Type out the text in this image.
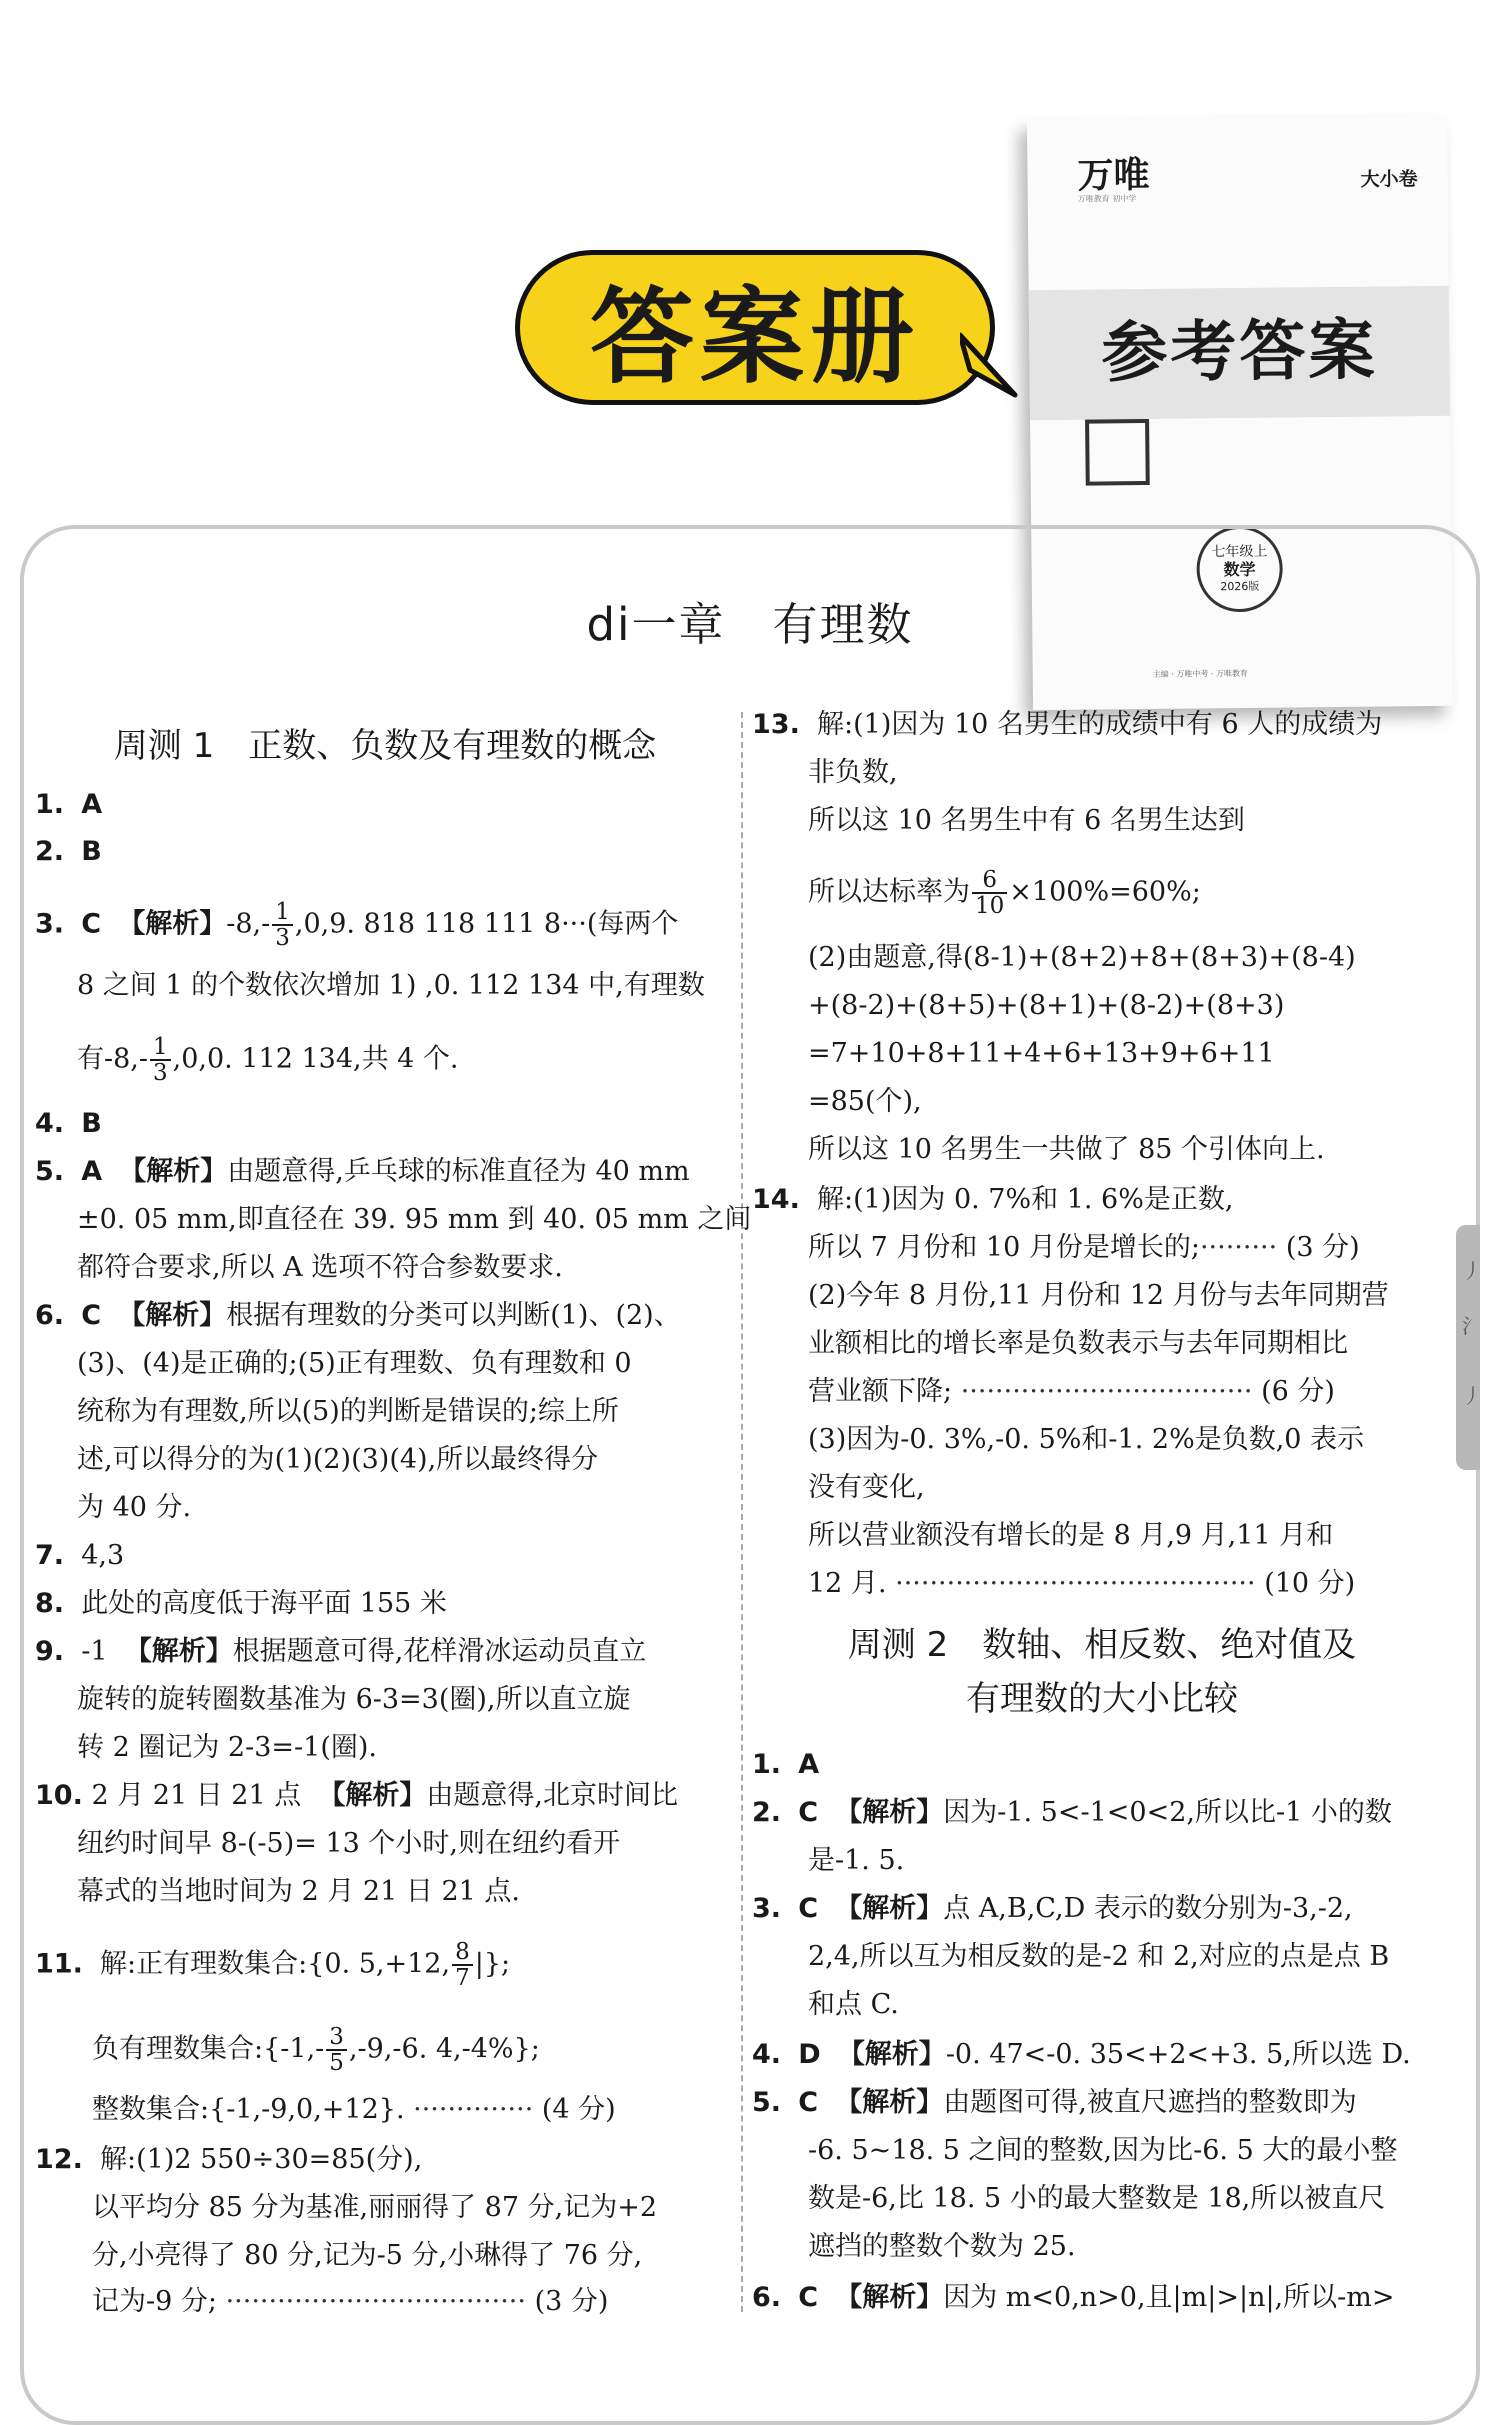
答案册
万唯
万唯教育 初中学
大小卷
参考答案
七年级上
数学
2026版
主编 · 万唯中考 · 万唯教育
丿
氵
丿
di一章　有理数
周测 1　正数、负数及有理数的概念
1. A
2. B
3. C 【解析】$-8,- \frac{1}{3} ,0,9$. 818 118 111 8···(每两个
8 之间 1 的个数依次增加 1) ,0. 112 134 中,有理数
有$-8,- \frac{1}{3} ,0,0$. 112 134,共 4 个.
4. B
5. A 【解析】由题意得,乒乓球的标准直径为 40 mm
±0. 05 mm,即直径在 39. 95 mm 到 40. 05 mm 之间
都符合要求,所以 A 选项不符合参数要求.
6. C 【解析】根据有理数的分类可以判断(1)、(2)、
(3)、(4)是正确的;(5)正有理数、负有理数和 0
统称为有理数,所以(5)的判断是错误的;综上所
述,可以得分的为(1)(2)(3)(4),所以最终得分
为 40 分.
7. 4,3
8. 此处的高度低于海平面 155 米
9. -1 【解析】根据题意可得,花样滑冰运动员直立
旋转的旋转圈数基准为 6-3=3(圈),所以直立旋
转 2 圈记为 2-3=-1(圈).
10. 2 月 21 日 21 点 【解析】由题意得,北京时间比
纽约时间早 8-(-5)= 13 个小时,则在纽约看开
幕式的当地时间为 2 月 21 日 21 点.
11. 解:正有理数集合:{0. 5,+12, $\frac{8}{7}$ |};
负有理数集合:{-1,- $\frac{3}{5} ,-9,-6$. 4,-4%};
整数集合:{-1,-9,0,+12}. ·············· (4 分)
12. 解:(1)2 550÷30=85(分),
以平均分 85 分为基准,丽丽得了 87 分,记为+2
分,小亮得了 80 分,记为-5 分,小琳得了 76 分,
记为-9 分; ··································· (3 分)
13. 解:(1)因为 10 名男生的成绩中有 6 人的成绩为
非负数,
所以这 10 名男生中有 6 名男生达到
所以达标率为 $\frac{6}{10} \times 100\%=60\%$;
(2)由题意,得(8-1)+(8+2)+8+(8+3)+(8-4)
+(8-2)+(8+5)+(8+1)+(8-2)+(8+3)
=7+10+8+11+4+6+13+9+6+11
=85(个),
所以这 10 名男生一共做了 85 个引体向上.
14. 解:(1)因为 0. 7%和 1. 6%是正数,
所以 7 月份和 10 月份是增长的;········· (3 分)
(2)今年 8 月份,11 月份和 12 月份与去年同期营
业额相比的增长率是负数表示与去年同期相比
营业额下降; ·································· (6 分)
(3)因为-0. 3%,-0. 5%和-1. 2%是负数,0 表示
没有变化,
所以营业额没有增长的是 8 月,9 月,11 月和
12 月. ·········································· (10 分)
周测 2　数轴、相反数、绝对值及
有理数的大小比较
1. A
2. C 【解析】因为-1. 5<-1<0<2,所以比-1 小的数
是-1. 5.
3. C 【解析】点 A,B,C,D 表示的数分别为-3,-2,
2,4,所以互为相反数的是-2 和 2,对应的点是点 B
和点 C.
4. D 【解析】-0. 47<-0. 35<+2<+3. 5,所以选 D.
5. C 【解析】由题图可得,被直尺遮挡的整数即为
-6. 5~18. 5 之间的整数,因为比-6. 5 大的最小整
数是-6,比 18. 5 小的最大整数是 18,所以被直尺
遮挡的整数个数为 25.
6. C 【解析】因为 m<0,n>0,且|m|>|n|,所以-m>
